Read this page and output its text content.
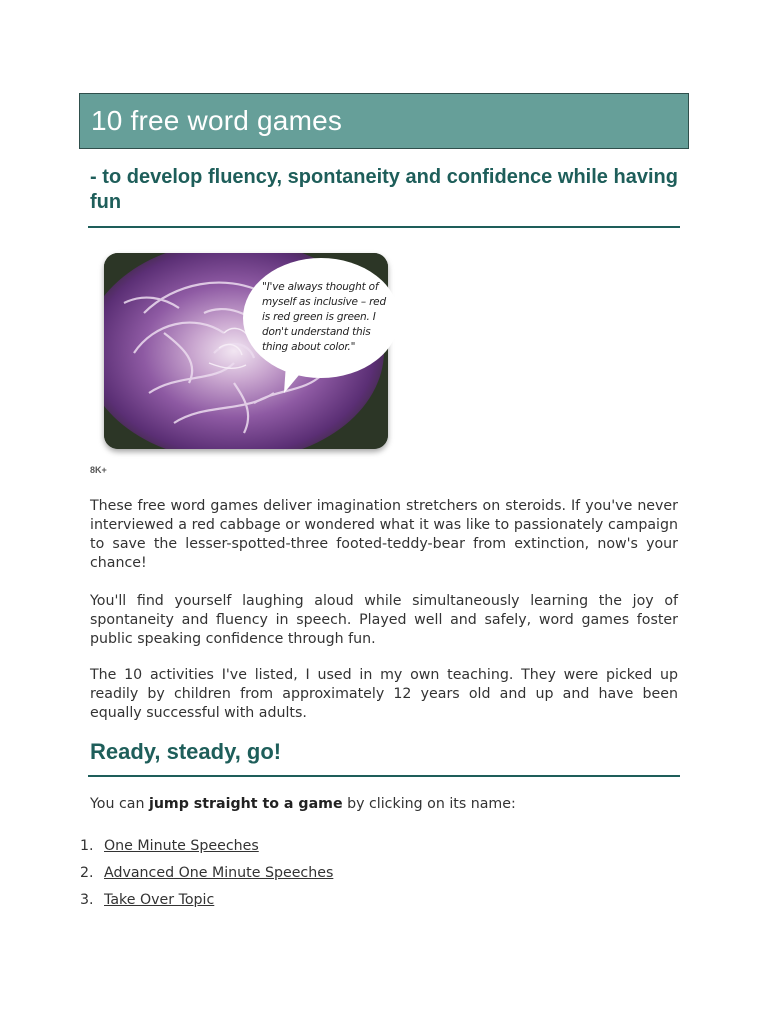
10 free word games
- to develop fluency, spontaneity and confidence while having fun

"I've always thought of myself as inclusive – red is red green is green. I don't understand this thing about color."

8K+

These free word games deliver imagination stretchers on steroids. If you've never interviewed a red cabbage or wondered what it was like to passionately campaign to save the lesser-spotted-three footed-teddy-bear from extinction, now's your chance!

You'll find yourself laughing aloud while simultaneously learning the joy of spontaneity and fluency in speech. Played well and safely, word games foster public speaking confidence through fun.

The 10 activities I've listed, I used in my own teaching. They were picked up readily by children from approximately 12 years old and up and have been equally successful with adults.

Ready, steady, go!

You can jump straight to a game by clicking on its name:

1. One Minute Speeches
2. Advanced One Minute Speeches
3. Take Over Topic
